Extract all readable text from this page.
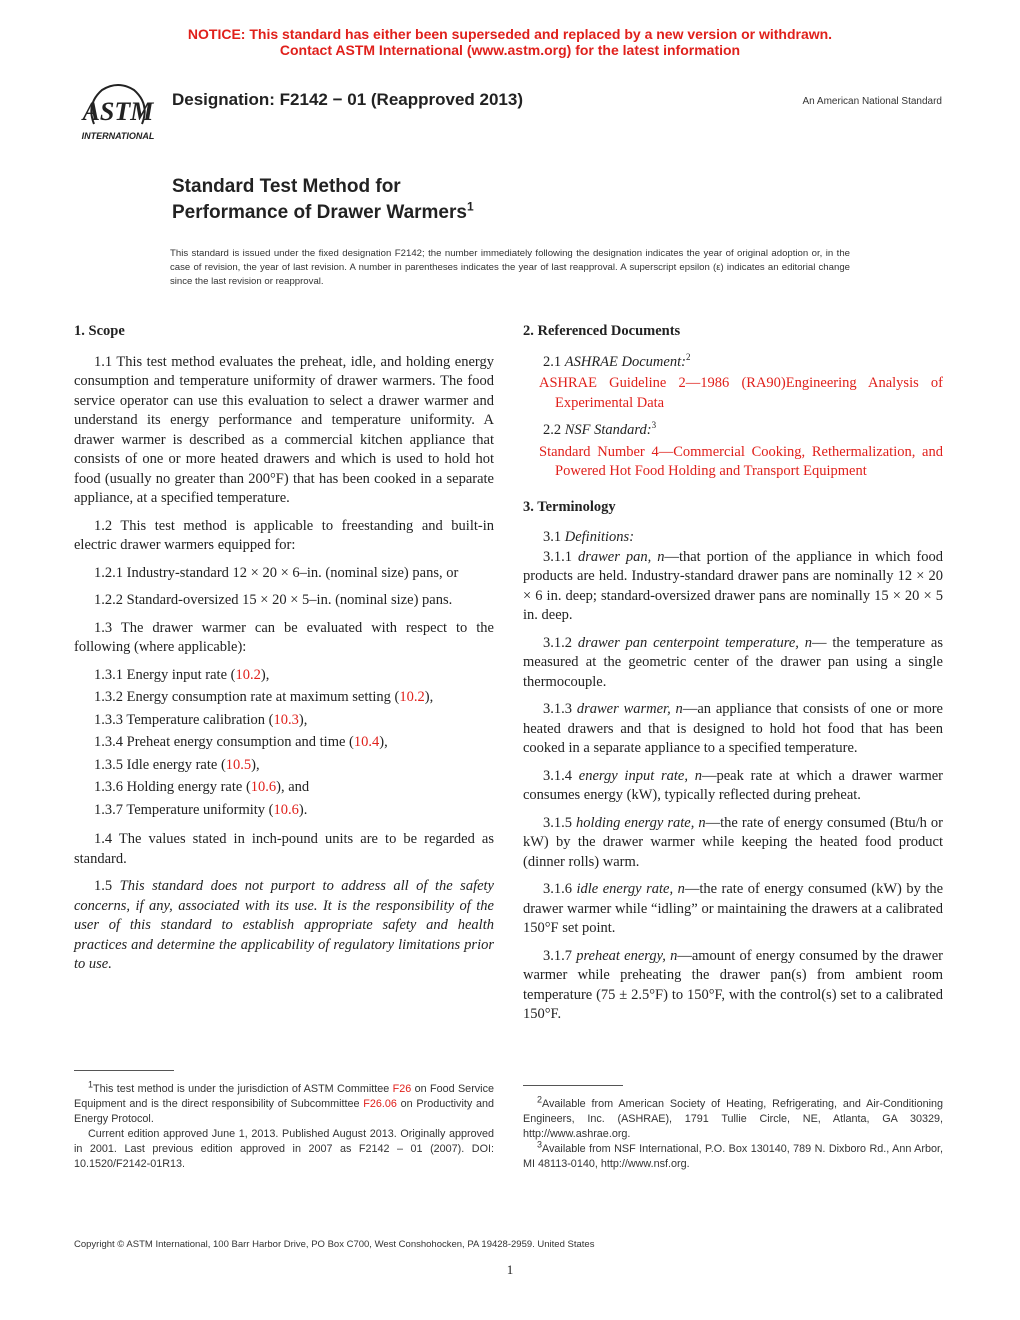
NOTICE: This standard has either been superseded and replaced by a new version or withdrawn.
Contact ASTM International (www.astm.org) for the latest information
ASTM
INTERNATIONAL
Designation: F2142 − 01 (Reapproved 2013)	An American National Standard
Standard Test Method for
Performance of Drawer Warmers$^1$
This standard is issued under the fixed designation F2142; the number immediately following the designation indicates the year of original adoption or, in the case of revision, the year of last revision. A number in parentheses indicates the year of last reapproval. A superscript epsilon (ε) indicates an editorial change since the last revision or reapproval.
1. Scope

1.1 This test method evaluates the preheat, idle, and holding energy consumption and temperature uniformity of drawer warmers. The food service operator can use this evaluation to select a drawer warmer and understand its energy performance and temperature uniformity. A drawer warmer is described as a commercial kitchen appliance that consists of one or more heated drawers and which is used to hold hot food (usually no greater than 200°F) that has been cooked in a separate appliance, at a specified temperature.

1.2 This test method is applicable to freestanding and built-in electric drawer warmers equipped for:

1.2.1 Industry-standard 12 × 20 × 6–in. (nominal size) pans, or

1.2.2 Standard-oversized 15 × 20 × 5–in. (nominal size) pans.

1.3 The drawer warmer can be evaluated with respect to the following (where applicable):

1.3.1 Energy input rate (10.2),

1.3.2 Energy consumption rate at maximum setting (10.2),

1.3.3 Temperature calibration (10.3),

1.3.4 Preheat energy consumption and time (10.4),

1.3.5 Idle energy rate (10.5),

1.3.6 Holding energy rate (10.6), and

1.3.7 Temperature uniformity (10.6).

1.4 The values stated in inch-pound units are to be regarded as standard.

1.5 This standard does not purport to address all of the safety concerns, if any, associated with its use. It is the responsibility of the user of this standard to establish appropriate safety and health practices and determine the applicability of regulatory limitations prior to use.

2. Referenced Documents

2.1 ASHRAE Document:$^2$

ASHRAE Guideline 2—1986 (RA90)Engineering Analysis of Experimental Data

2.2 NSF Standard:$^3$

Standard Number 4—Commercial Cooking, Rethermalization, and Powered Hot Food Holding and Transport Equipment
3. Terminology

3.1 Definitions:

3.1.1 drawer pan, n—that portion of the appliance in which food products are held. Industry-standard drawer pans are nominally 12 × 20 × 6 in. deep; standard-oversized drawer pans are nominally 15 × 20 × 5 in. deep.

3.1.2 drawer pan centerpoint temperature, n— the temperature as measured at the geometric center of the drawer pan using a single thermocouple.

3.1.3 drawer warmer, n—an appliance that consists of one or more heated drawers and that is designed to hold hot food that has been cooked in a separate appliance to a specified temperature.

3.1.4 energy input rate, n—peak rate at which a drawer warmer consumes energy (kW), typically reflected during preheat.

3.1.5 holding energy rate, n—the rate of energy consumed (Btu/h or kW) by the drawer warmer while keeping the heated food product (dinner rolls) warm.

3.1.6 idle energy rate, n—the rate of energy consumed (kW) by the drawer warmer while “idling” or maintaining the drawers at a calibrated 150°F set point.

3.1.7 preheat energy, n—amount of energy consumed by the drawer warmer while preheating the drawer pan(s) from ambient room temperature (75 ± 2.5°F) to 150°F, with the control(s) set to a calibrated 150°F.

$^1$This test method is under the jurisdiction of ASTM Committee F26 on Food Service Equipment and is the direct responsibility of Subcommittee F26.06 on Productivity and Energy Protocol.

Current edition approved June 1, 2013. Published August 2013. Originally approved in 2001. Last previous edition approved in 2007 as F2142 – 01 (2007). DOI: 10.1520/F2142-01R13.

$^2$Available from American Society of Heating, Refrigerating, and Air-Conditioning Engineers, Inc. (ASHRAE), 1791 Tullie Circle, NE, Atlanta, GA 30329, http://www.ashrae.org.

$^3$Available from NSF International, P.O. Box 130140, 789 N. Dixboro Rd., Ann Arbor, MI 48113-0140, http://www.nsf.org.

Copyright © ASTM International, 100 Barr Harbor Drive, PO Box C700, West Conshohocken, PA 19428-2959. United States
1
